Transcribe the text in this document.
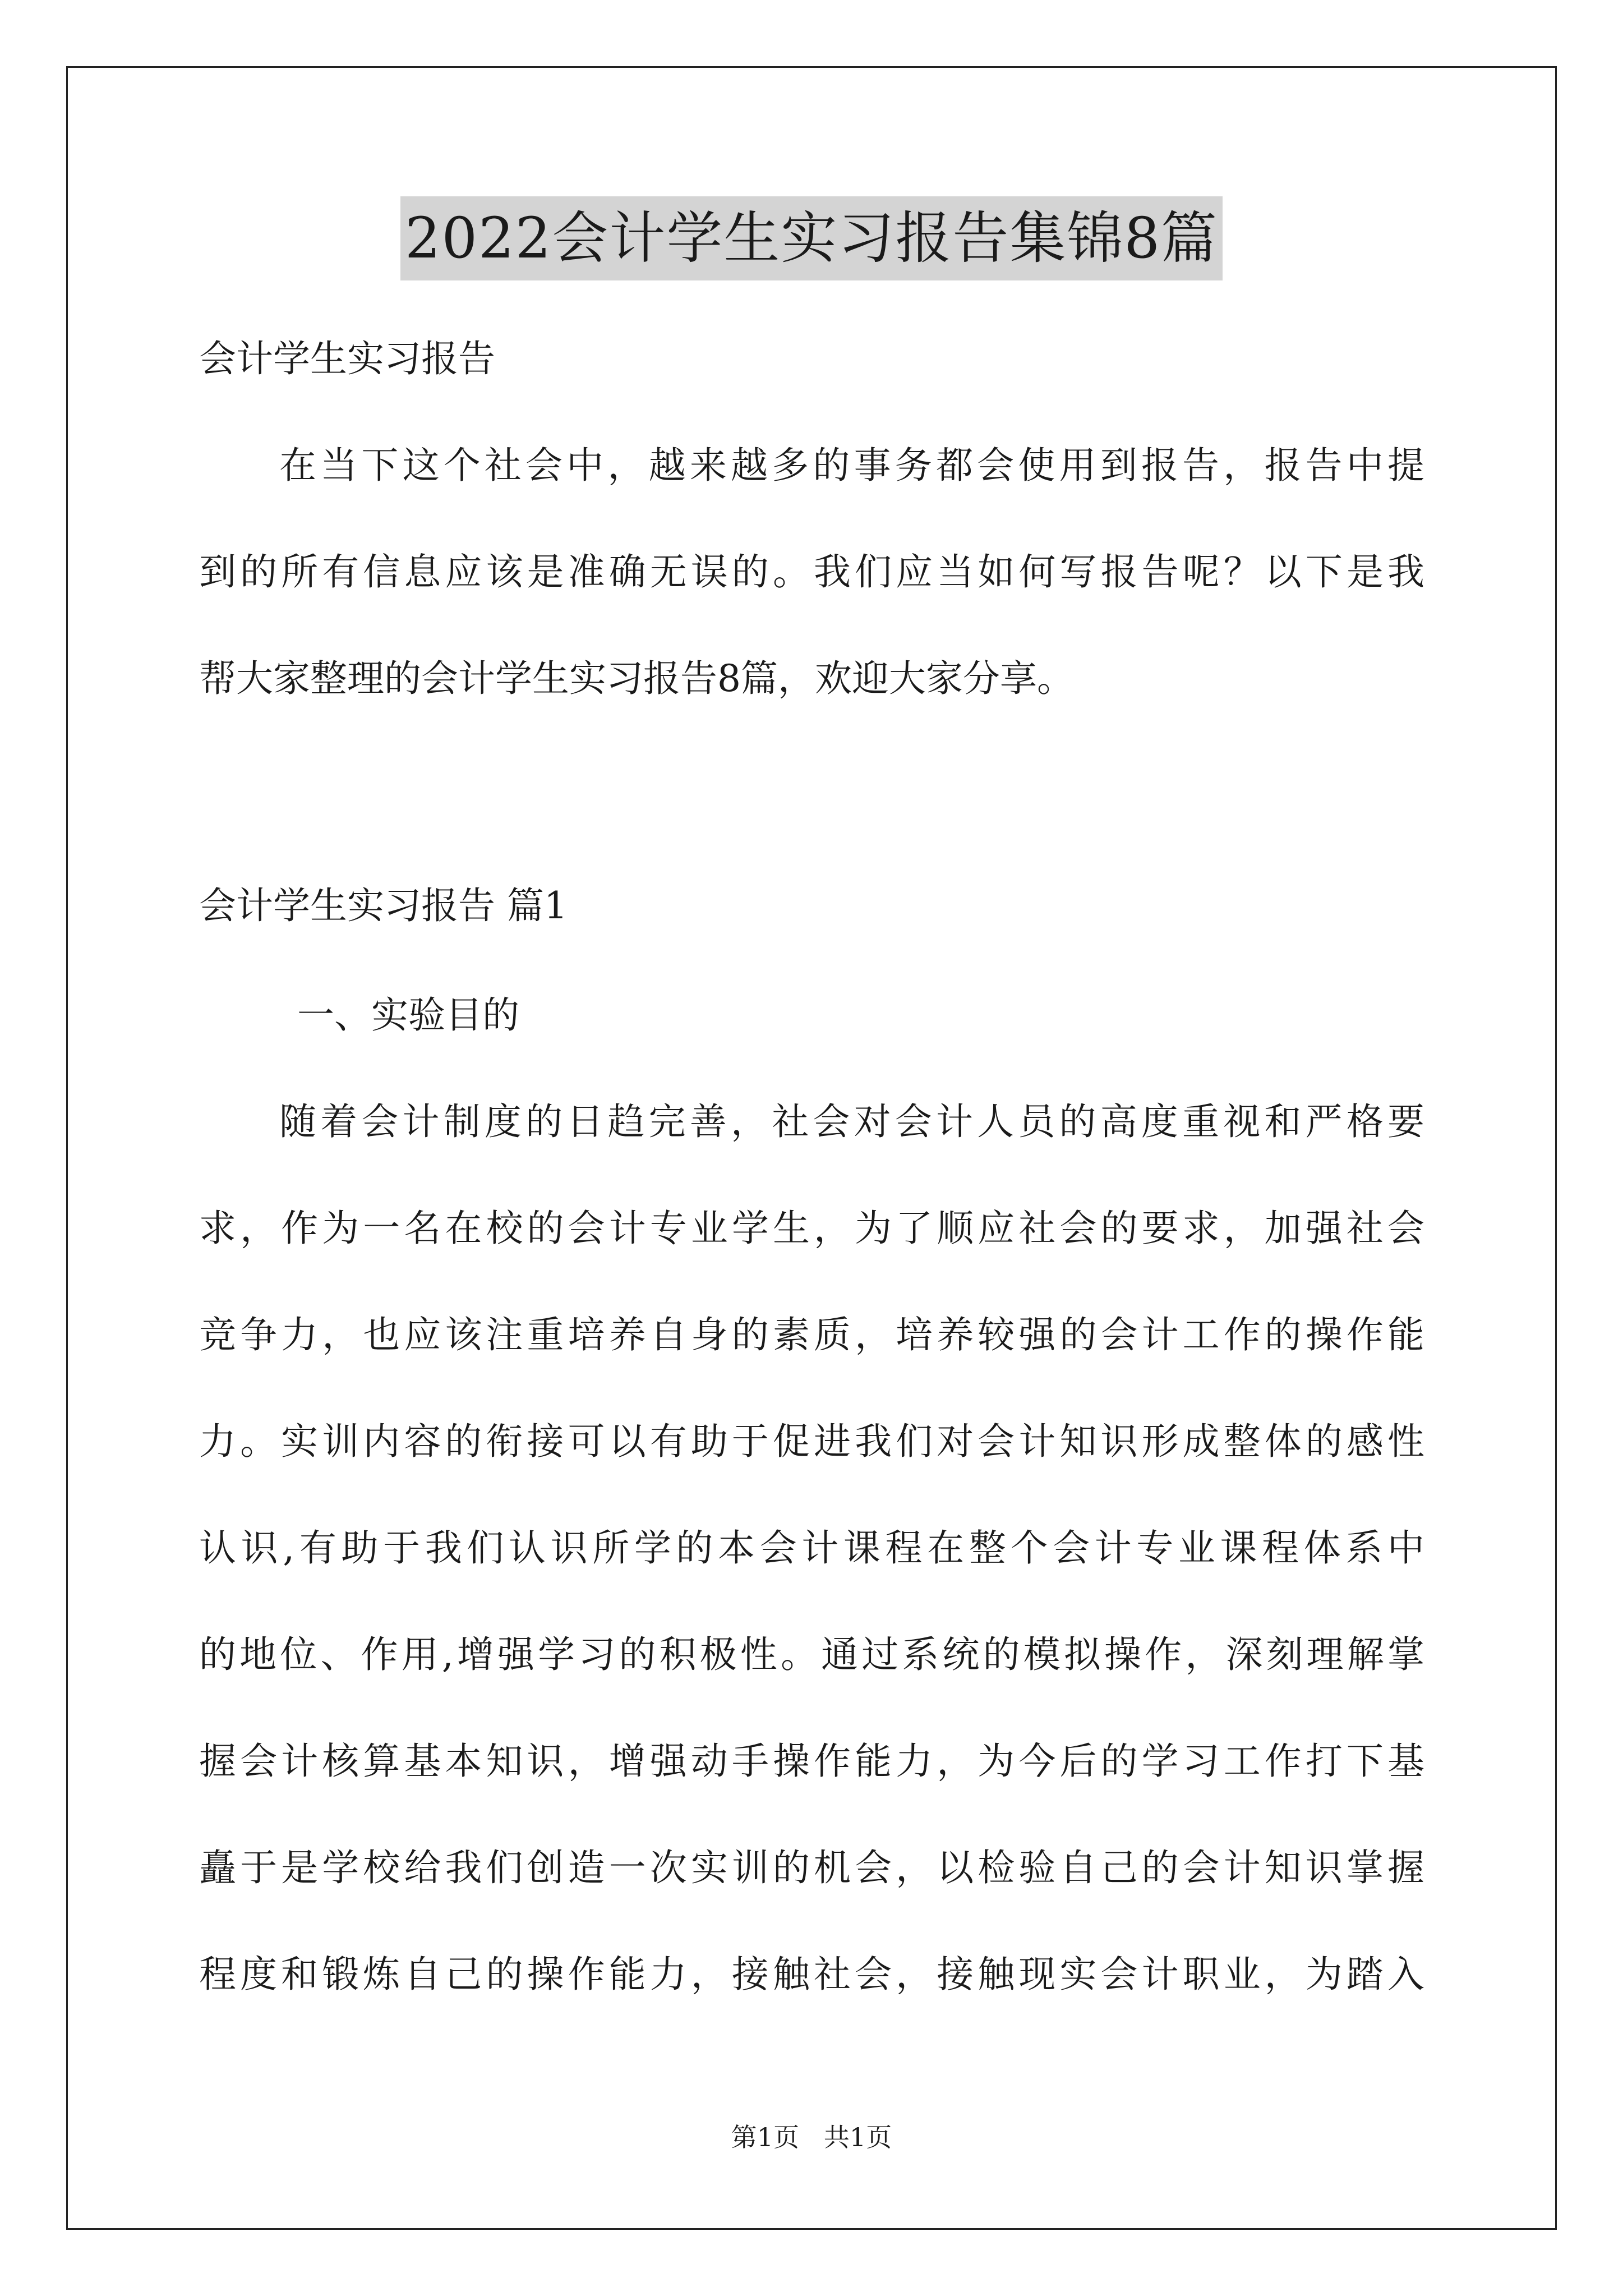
2022会计学生实习报告集锦8篇
会计学生实习报告
在当下这个社会中，越来越多的事务都会使用到报告，报告中提
到的所有信息应该是准确无误的。我们应当如何写报告呢？以下是我
帮大家整理的会计学生实习报告8篇，欢迎大家分享。
会计学生实习报告 篇1
一、实验目的
随着会计制度的日趋完善，社会对会计人员的高度重视和严格要
求，作为一名在校的会计专业学生，为了顺应社会的要求，加强社会
竞争力，也应该注重培养自身的素质，培养较强的会计工作的操作能
力。实训内容的衔接可以有助于促进我们对会计知识形成整体的感性
认识,有助于我们认识所学的本会计课程在整个会计专业课程体系中
的地位、作用,增强学习的积极性。通过系统的模拟操作，深刻理解掌
握会计核算基本知识，增强动手操作能力，为今后的学习工作打下基
矗于是学校给我们创造一次实训的机会，以检验自己的会计知识掌握
程度和锻炼自己的操作能力，接触社会，接触现实会计职业，为踏入
第1页   共1页
